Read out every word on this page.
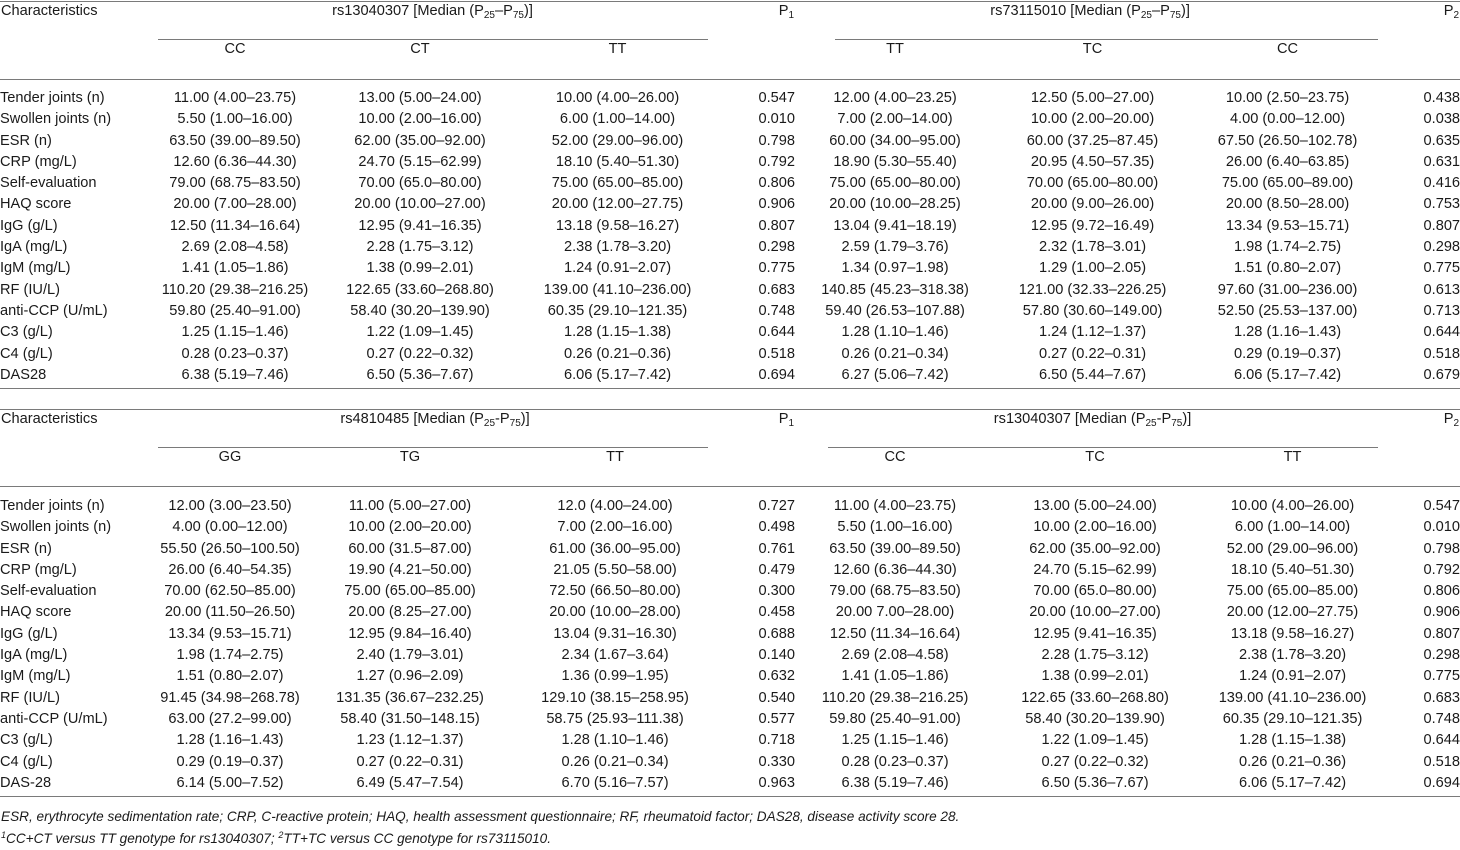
Characteristics	rs13040307 [Median $(P_{25}-P_{75})$]			$P_1$	rs73115010 [Median $(P_{25}-P_{75})$]			$P_2$
	CC	CT	TT		TT	TC	CC	
Tender joints (n)	11.00 (4.00–23.75)	13.00 (5.00–24.00)	10.00 (4.00–26.00)	0.547	12.00 (4.00–23.25)	12.50 (5.00–27.00)	10.00 (2.50–23.75)	0.438
Swollen joints (n)	5.50 (1.00–16.00)	10.00 (2.00–16.00)	6.00 (1.00–14.00)	0.010	7.00 (2.00–14.00)	10.00 (2.00–20.00)	4.00 (0.00–12.00)	0.038
ESR (n)	63.50 (39.00–89.50)	62.00 (35.00–92.00)	52.00 (29.00–96.00)	0.798	60.00 (34.00–95.00)	60.00 (37.25–87.45)	67.50 (26.50–102.78)	0.635
CRP (mg/L)	12.60 (6.36–44.30)	24.70 (5.15–62.99)	18.10 (5.40–51.30)	0.792	18.90 (5.30–55.40)	20.95 (4.50–57.35)	26.00 (6.40–63.85)	0.631
Self-evaluation	79.00 (68.75–83.50)	70.00 (65.0–80.00)	75.00 (65.00–85.00)	0.806	75.00 (65.00–80.00)	70.00 (65.00–80.00)	75.00 (65.00–89.00)	0.416
HAQ score	20.00 (7.00–28.00)	20.00 (10.00–27.00)	20.00 (12.00–27.75)	0.906	20.00 (10.00–28.25)	20.00 (9.00–26.00)	20.00 (8.50–28.00)	0.753
IgG (g/L)	12.50 (11.34–16.64)	12.95 (9.41–16.35)	13.18 (9.58–16.27)	0.807	13.04 (9.41–18.19)	12.95 (9.72–16.49)	13.34 (9.53–15.71)	0.807
IgA (mg/L)	2.69 (2.08–4.58)	2.28 (1.75–3.12)	2.38 (1.78–3.20)	0.298	2.59 (1.79–3.76)	2.32 (1.78–3.01)	1.98 (1.74–2.75)	0.298
IgM (mg/L)	1.41 (1.05–1.86)	1.38 (0.99–2.01)	1.24 (0.91–2.07)	0.775	1.34 (0.97–1.98)	1.29 (1.00–2.05)	1.51 (0.80–2.07)	0.775
RF (IU/L)	110.20 (29.38–216.25)	122.65 (33.60–268.80)	139.00 (41.10–236.00)	0.683	140.85 (45.23–318.38)	121.00 (32.33–226.25)	97.60 (31.00–236.00)	0.613
anti-CCP (U/mL)	59.80 (25.40–91.00)	58.40 (30.20–139.90)	60.35 (29.10–121.35)	0.748	59.40 (26.53–107.88)	57.80 (30.60–149.00)	52.50 (25.53–137.00)	0.713
C3 (g/L)	1.25 (1.15–1.46)	1.22 (1.09–1.45)	1.28 (1.15–1.38)	0.644	1.28 (1.10–1.46)	1.24 (1.12–1.37)	1.28 (1.16–1.43)	0.644
C4 (g/L)	0.28 (0.23–0.37)	0.27 (0.22–0.32)	0.26 (0.21–0.36)	0.518	0.26 (0.21–0.34)	0.27 (0.22–0.31)	0.29 (0.19–0.37)	0.518
DAS28	6.38 (5.19–7.46)	6.50 (5.36–7.67)	6.06 (5.17–7.42)	0.694	6.27 (5.06–7.42)	6.50 (5.44–7.67)	6.06 (5.17–7.42)	0.679
Characteristics	rs4810485 [Median $(P_{25}-P_{75})$]			$P_1$	rs13040307 [Median $(P_{25}-P_{75})$]			$P_2$
	GG	TG	TT		CC	TC	TT	
Tender joints (n)	12.00 (3.00–23.50)	11.00 (5.00–27.00)	12.0 (4.00–24.00)	0.727	11.00 (4.00–23.75)	13.00 (5.00–24.00)	10.00 (4.00–26.00)	0.547
Swollen joints (n)	4.00 (0.00–12.00)	10.00 (2.00–20.00)	7.00 (2.00–16.00)	0.498	5.50 (1.00–16.00)	10.00 (2.00–16.00)	6.00 (1.00–14.00)	0.010
ESR (n)	55.50 (26.50–100.50)	60.00 (31.5–87.00)	61.00 (36.00–95.00)	0.761	63.50 (39.00–89.50)	62.00 (35.00–92.00)	52.00 (29.00–96.00)	0.798
CRP (mg/L)	26.00 (6.40–54.35)	19.90 (4.21–50.00)	21.05 (5.50–58.00)	0.479	12.60 (6.36–44.30)	24.70 (5.15–62.99)	18.10 (5.40–51.30)	0.792
Self-evaluation	70.00 (62.50–85.00)	75.00 (65.00–85.00)	72.50 (66.50–80.00)	0.300	79.00 (68.75–83.50)	70.00 (65.0–80.00)	75.00 (65.00–85.00)	0.806
HAQ score	20.00 (11.50–26.50)	20.00 (8.25–27.00)	20.00 (10.00–28.00)	0.458	20.00 7.00–28.00)	20.00 (10.00–27.00)	20.00 (12.00–27.75)	0.906
IgG (g/L)	13.34 (9.53–15.71)	12.95 (9.84–16.40)	13.04 (9.31–16.30)	0.688	12.50 (11.34–16.64)	12.95 (9.41–16.35)	13.18 (9.58–16.27)	0.807
IgA (mg/L)	1.98 (1.74–2.75)	2.40 (1.79–3.01)	2.34 (1.67–3.64)	0.140	2.69 (2.08–4.58)	2.28 (1.75–3.12)	2.38 (1.78–3.20)	0.298
IgM (mg/L)	1.51 (0.80–2.07)	1.27 (0.96–2.09)	1.36 (0.99–1.95)	0.632	1.41 (1.05–1.86)	1.38 (0.99–2.01)	1.24 (0.91–2.07)	0.775
RF (IU/L)	91.45 (34.98–268.78)	131.35 (36.67–232.25)	129.10 (38.15–258.95)	0.540	110.20 (29.38–216.25)	122.65 (33.60–268.80)	139.00 (41.10–236.00)	0.683
anti-CCP (U/mL)	63.00 (27.2–99.00)	58.40 (31.50–148.15)	58.75 (25.93–111.38)	0.577	59.80 (25.40–91.00)	58.40 (30.20–139.90)	60.35 (29.10–121.35)	0.748
C3 (g/L)	1.28 (1.16–1.43)	1.23 (1.12–1.37)	1.28 (1.10–1.46)	0.718	1.25 (1.15–1.46)	1.22 (1.09–1.45)	1.28 (1.15–1.38)	0.644
C4 (g/L)	0.29 (0.19–0.37)	0.27 (0.22–0.31)	0.26 (0.21–0.34)	0.330	0.28 (0.23–0.37)	0.27 (0.22–0.32)	0.26 (0.21–0.36)	0.518
DAS-28	6.14 (5.00–7.52)	6.49 (5.47–7.54)	6.70 (5.16–7.57)	0.963	6.38 (5.19–7.46)	6.50 (5.36–7.67)	6.06 (5.17–7.42)	0.694
ESR, erythrocyte sedimentation rate; CRP, C-reactive protein; HAQ, health assessment questionnaire; RF, rheumatoid factor; DAS28, disease activity score 28.
$^1$CC+CT versus TT genotype for rs13040307; $^2$TT+TC versus CC genotype for rs73115010.
